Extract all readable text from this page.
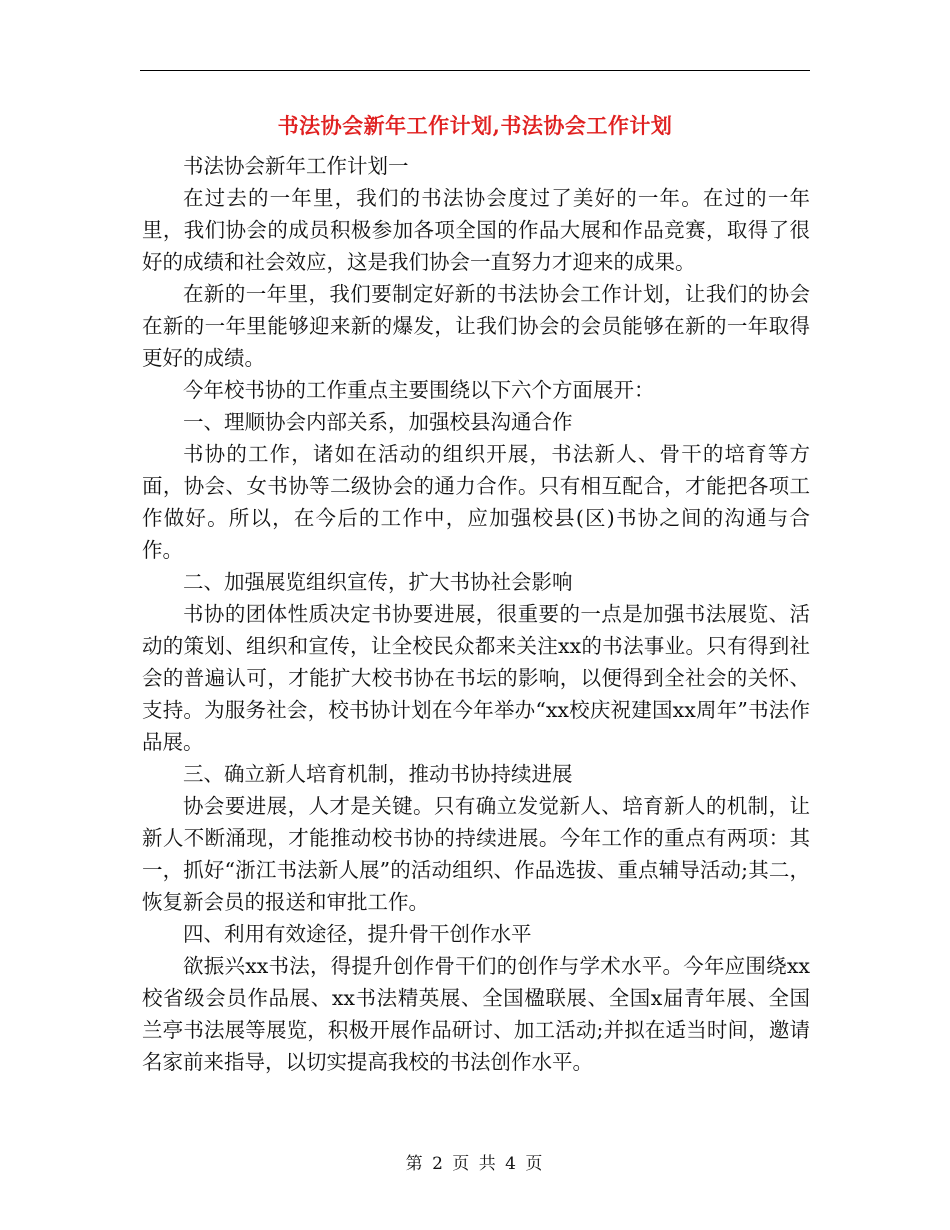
书法协会新年工作计划,书法协会工作计划

书法协会新年工作计划一

在过去的一年里，我们的书法协会度过了美好的一年。在过的一年里，我们协会的成员积极参加各项全国的作品大展和作品竞赛，取得了很好的成绩和社会效应，这是我们协会一直努力才迎来的成果。

在新的一年里，我们要制定好新的书法协会工作计划，让我们的协会在新的一年里能够迎来新的爆发，让我们协会的会员能够在新的一年取得更好的成绩。

今年校书协的工作重点主要围绕以下六个方面展开：

一、理顺协会内部关系，加强校县沟通合作

书协的工作，诸如在活动的组织开展，书法新人、骨干的培育等方面，协会、女书协等二级协会的通力合作。只有相互配合，才能把各项工作做好。所以，在今后的工作中，应加强校县(区)书协之间的沟通与合作。

二、加强展览组织宣传，扩大书协社会影响

书协的团体性质决定书协要进展，很重要的一点是加强书法展览、活动的策划、组织和宣传，让全校民众都来关注xx的书法事业。只有得到社会的普遍认可，才能扩大校书协在书坛的影响，以便得到全社会的关怀、支持。为服务社会，校书协计划在今年举办“xx校庆祝建国xx周年”书法作品展。

三、确立新人培育机制，推动书协持续进展

协会要进展，人才是关键。只有确立发觉新人、培育新人的机制，让新人不断涌现，才能推动校书协的持续进展。今年工作的重点有两项：其一，抓好“浙江书法新人展”的活动组织、作品选拔、重点辅导活动;其二，恢复新会员的报送和审批工作。

四、利用有效途径，提升骨干创作水平

欲振兴xx书法，得提升创作骨干们的创作与学术水平。今年应围绕xx校省级会员作品展、xx书法精英展、全国楹联展、全国x届青年展、全国兰亭书法展等展览，积极开展作品研讨、加工活动;并拟在适当时间，邀请名家前来指导，以切实提高我校的书法创作水平。

第 2 页 共 4 页
